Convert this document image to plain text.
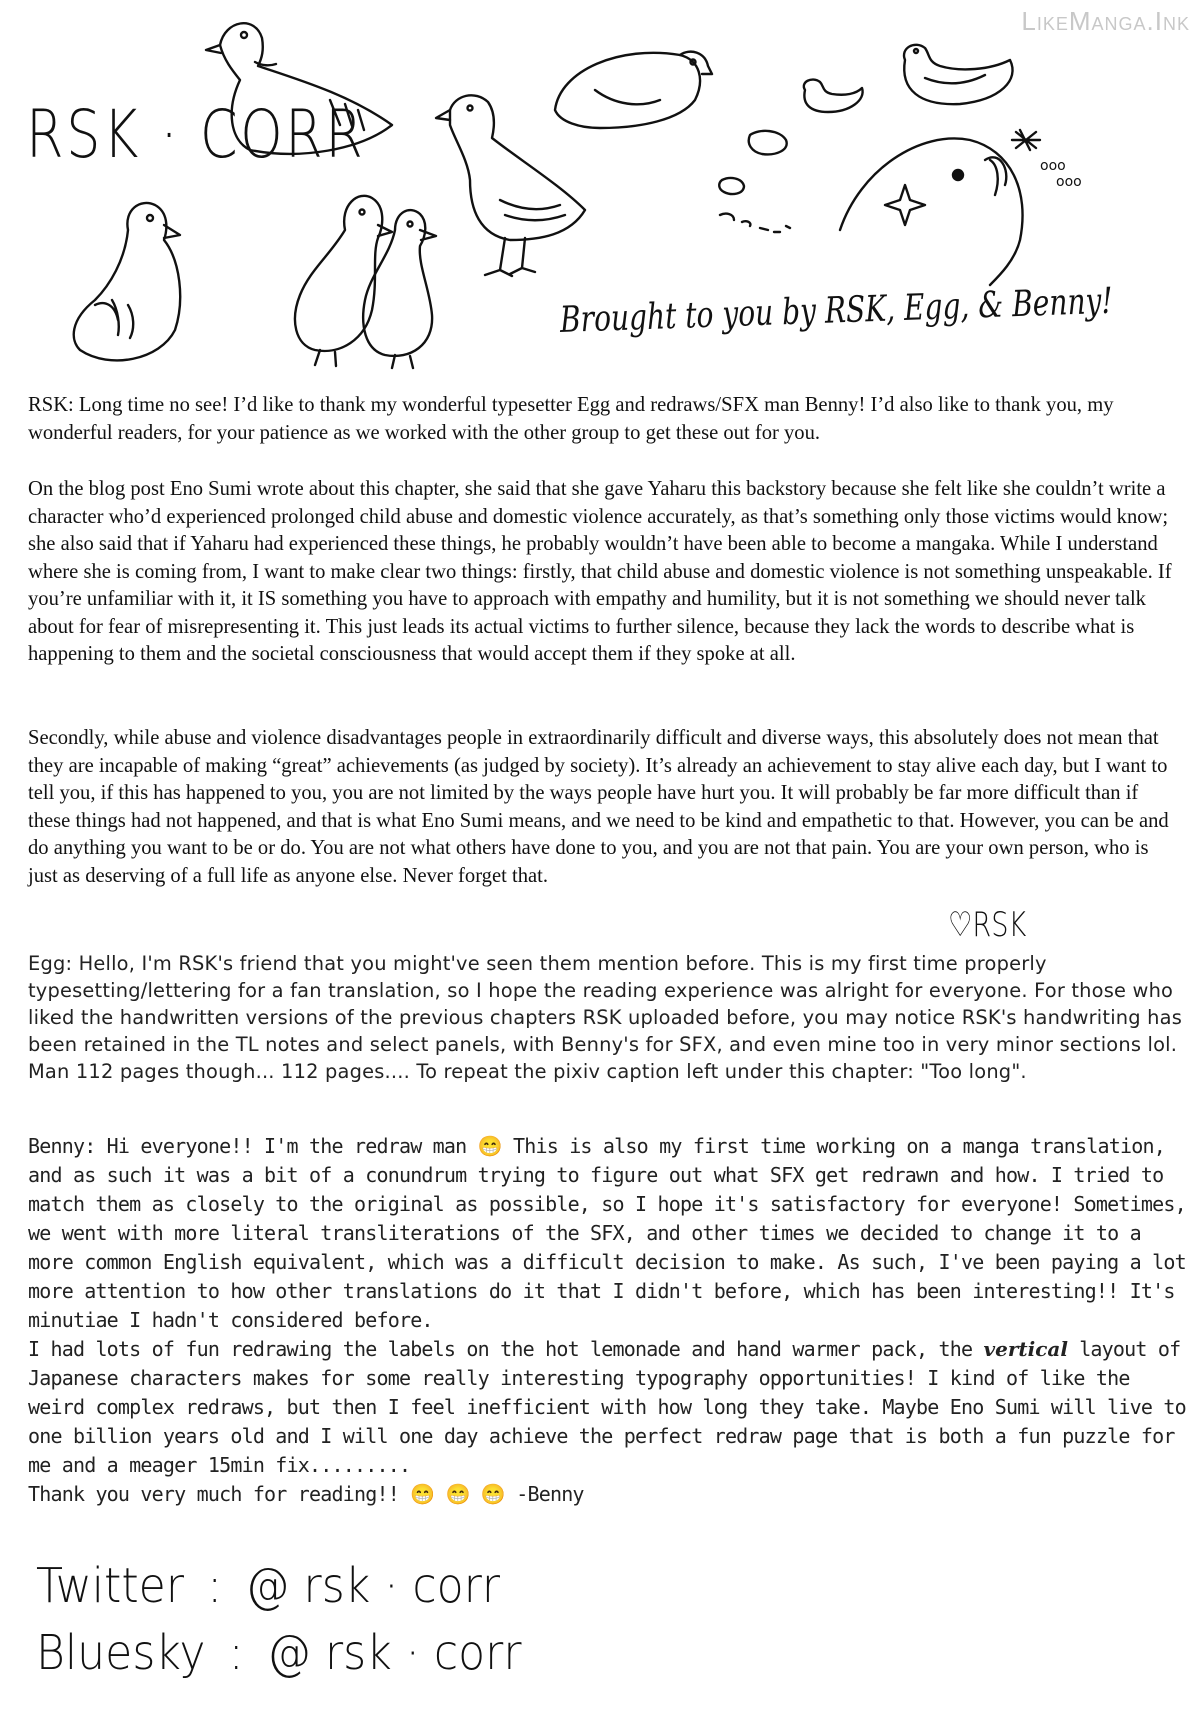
LikeManga.Ink
ooo
ooo
RSK · CORR
Brought to you by RSK, Egg, & Benny!

RSK: Long time no see! I’d like to thank my wonderful typesetter Egg and redraws/SFX man Benny! I’d also like to thank you, my wonderful readers, for your patience as we worked with the other group to get these out for you.

On the blog post Eno Sumi wrote about this chapter, she said that she gave Yaharu this backstory because she felt like she couldn’t write a character who’d experienced prolonged child abuse and domestic violence accurately, as that’s something only those victims would know; she also said that if Yaharu had experienced these things, he probably wouldn’t have been able to become a mangaka. While I understand where she is coming from, I want to make clear two things: firstly, that child abuse and domestic violence is not something unspeakable. If you’re unfamiliar with it, it IS something you have to approach with empathy and humility, but it is not something we should never talk about for fear of misrepresenting it. This just leads its actual victims to further silence, because they lack the words to describe what is happening to them and the societal consciousness that would accept them if they spoke at all.

Secondly, while abuse and violence disadvantages people in extraordinarily difficult and diverse ways, this absolutely does not mean that they are incapable of making “great” achievements (as judged by society). It’s already an achievement to stay alive each day, but I want to tell you, if this has happened to you, you are not limited by the ways people have hurt you. It will probably be far more difficult than if these things had not happened, and that is what Eno Sumi means, and we need to be kind and empathetic to that. However, you can be and do anything you want to be or do. You are not what others have done to you, and you are not that pain. You are your own person, who is just as deserving of a full life as anyone else. Never forget that.

♡RSK
Egg: Hello, I'm RSK's friend that you might've seen them mention before. This is my first time properly typesetting/lettering for a fan translation, so I hope the reading experience was alright for everyone. For those who liked the handwritten versions of the previous chapters RSK uploaded before, you may notice RSK's handwriting has been retained in the TL notes and select panels, with Benny's for SFX, and even mine too in very minor sections lol.
Man 112 pages though... 112 pages.... To repeat the pixiv caption left under this chapter: "Too long".
Benny: Hi everyone!! I'm the redraw man 😁 This is also my first time working on a manga translation, and as such it was a bit of a conundrum trying to figure out what SFX get redrawn and how. I tried to match them as closely to the original as possible, so I hope it's satisfactory for everyone! Sometimes, we went with more literal transliterations of the SFX, and other times we decided to change it to a more common English equivalent, which was a difficult decision to make. As such, I've been paying a lot more attention to how other translations do it that I didn't before, which has been interesting!! It's minutiae I hadn't considered before.
I had lots of fun redrawing the labels on the hot lemonade and hand warmer pack, the vertical layout of Japanese characters makes for some really interesting typography opportunities! I kind of like the weird complex redraws, but then I feel inefficient with how long they take. Maybe Eno Sumi will live to one billion years old and I will one day achieve the perfect redraw page that is both a fun puzzle for me and a meager 15min fix.........
Thank you very much for reading!! 😁 😁 😁 -Benny
Twitter : @ rsk · corr
Bluesky : @ rsk · corr
